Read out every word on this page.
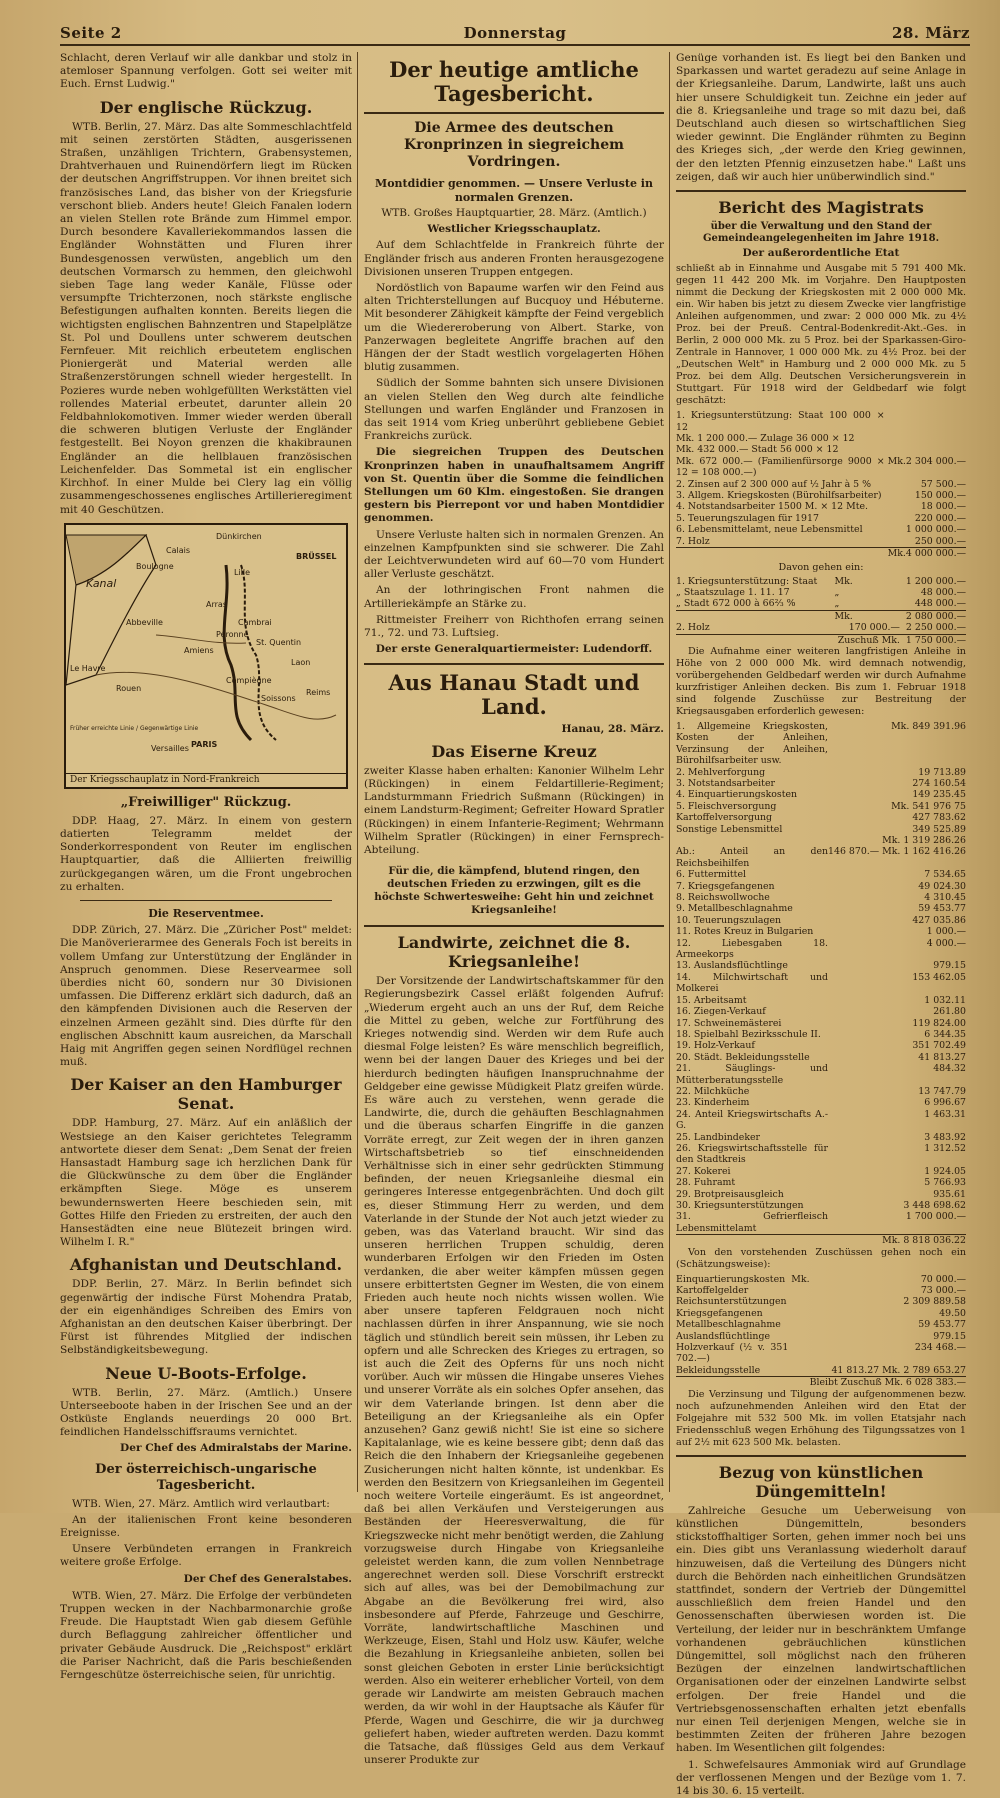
Seite 2	Donnerstag	28. März

Schlacht, deren Verlauf wir alle dankbar und stolz in atemloser Spannung verfolgen. Gott sei weiter mit Euch. Ernst Ludwig."

Der englische Rückzug.

WTB. Berlin, 27. März. Das alte Sommeschlachtfeld mit seinen zerstörten Städten, ausgerissenen Straßen, unzähligen Trichtern, Grabensystemen, Drahtverhauen und Ruinendörfern liegt im Rücken der deutschen Angriffstruppen. Vor ihnen breitet sich französisches Land, das bisher von der Kriegsfurie verschont blieb. Anders heute! Gleich Fanalen lodern an vielen Stellen rote Brände zum Himmel empor. Durch besondere Kavalleriekommandos lassen die Engländer Wohnstätten und Fluren ihrer Bundesgenossen verwüsten, angeblich um den deutschen Vormarsch zu hemmen, den gleichwohl sieben Tage lang weder Kanäle, Flüsse oder versumpfte Trichterzonen, noch stärkste englische Befestigungen aufhalten konnten. Bereits liegen die wichtigsten englischen Bahnzentren und Stapelplätze St. Pol und Doullens unter schwerem deutschen Fernfeuer. Mit reichlich erbeutetem englischen Pioniergerät und Material werden alle Straßenzerstörungen schnell wieder hergestellt. In Pozieres wurde neben wohlgefüllten Werkstätten viel rollendes Material erbeutet, darunter allein 20 Feldbahnlokomotiven. Immer wieder werden überall die schweren blutigen Verluste der Engländer festgestellt. Bei Noyon grenzen die khakibraunen Engländer an die hellblauen französischen Leichenfelder. Das Sommetal ist ein englischer Kirchhof. In einer Mulde bei Clery lag ein völlig zusammengeschossenes englisches Artillerieregiment mit 40 Geschützen.

Dünkirchen
Calais
Boulogne
BRÜSSEL
Lille
Arras
Cambrai
Péronne
Amiens
St. Quentin
Abbeville
Le Havre
Rouen
Laon
Compiègne
Reims
Soissons
PARIS
Versailles
Kanal
Früher erreichte Linie / Gegenwärtige Linie
Der Kriegsschauplatz in Nord-Frankreich
„Freiwilliger" Rückzug.

DDP. Haag, 27. März. In einem von gestern datierten Telegramm meldet der Sonderkorrespondent von Reuter im englischen Hauptquartier, daß die Alliierten freiwillig zurückgegangen wären, um die Front ungebrochen zu erhalten.

Die Reserventmee.

DDP. Zürich, 27. März. Die „Züricher Post" meldet: Die Manöverierarmee des Generals Foch ist bereits in vollem Umfang zur Unterstützung der Engländer in Anspruch genommen. Diese Reservearmee soll überdies nicht 60, sondern nur 30 Divisionen umfassen. Die Differenz erklärt sich dadurch, daß an den kämpfenden Divisionen auch die Reserven der einzelnen Armeen gezählt sind. Dies dürfte für den englischen Abschnitt kaum ausreichen, da Marschall Haig mit Angriffen gegen seinen Nordflügel rechnen muß.

Der Kaiser an den Hamburger Senat.

DDP. Hamburg, 27. März. Auf ein anläßlich der Westsiege an den Kaiser gerichtetes Telegramm antwortete dieser dem Senat: „Dem Senat der freien Hansastadt Hamburg sage ich herzlichen Dank für die Glückwünsche zu dem über die Engländer erkämpften Siege. Möge es unserem bewundernswerten Heere beschieden sein, mit Gottes Hilfe den Frieden zu erstreiten, der auch den Hansestädten eine neue Blütezeit bringen wird. Wilhelm I. R."

Afghanistan und Deutschland.

DDP. Berlin, 27. März. In Berlin befindet sich gegenwärtig der indische Fürst Mohendra Pratab, der ein eigenhändiges Schreiben des Emirs von Afghanistan an den deutschen Kaiser überbringt. Der Fürst ist führendes Mitglied der indischen Selbständigkeitsbewegung.

Neue U-Boots-Erfolge.

WTB. Berlin, 27. März. (Amtlich.) Unsere Unterseeboote haben in der Irischen See und an der Ostküste Englands neuerdings 20 000 Brt. feindlichen Handelsschiffsraums vernichtet.

Der Chef des Admiralstabs der Marine.
Der österreichisch-ungarische Tagesbericht.

WTB. Wien, 27. März. Amtlich wird verlautbart:

An der italienischen Front keine besonderen Ereignisse.

Unsere Verbündeten errangen in Frankreich weitere große Erfolge.

Der Chef des Generalstabes.

WTB. Wien, 27. März. Die Erfolge der verbündeten Truppen wecken in der Nachbarmonarchie große Freude. Die Hauptstadt Wien gab diesem Gefühle durch Beflaggung zahlreicher öffentlicher und privater Gebäude Ausdruck. Die „Reichspost" erklärt die Pariser Nachricht, daß die Paris beschießenden Ferngeschütze österreichische seien, für unrichtig.

Der heutige amtliche Tagesbericht.
Die Armee des deutschen Kronprinzen in siegreichem Vordringen.
Montdidier genommen. — Unsere Verluste in normalen Grenzen.

WTB. Großes Hauptquartier, 28. März. (Amtlich.)

Westlicher Kriegsschauplatz.

Auf dem Schlachtfelde in Frankreich führte der Engländer frisch aus anderen Fronten herausgezogene Divisionen unseren Truppen entgegen.

Nordöstlich von Bapaume warfen wir den Feind aus alten Trichterstellungen auf Bucquoy und Hébuterne. Mit besonderer Zähigkeit kämpfte der Feind vergeblich um die Wiedereroberung von Albert. Starke, von Panzerwagen begleitete Angriffe brachen auf den Hängen der der Stadt westlich vorgelagerten Höhen blutig zusammen.

Südlich der Somme bahnten sich unsere Divisionen an vielen Stellen den Weg durch alte feindliche Stellungen und warfen Engländer und Franzosen in das seit 1914 vom Krieg unberührt gebliebene Gebiet Frankreichs zurück.

Die siegreichen Truppen des Deutschen Kronprinzen haben in unaufhaltsamem Angriff von St. Quentin über die Somme die feindlichen Stellungen um 60 Klm. eingestoßen. Sie drangen gestern bis Pierrepont vor und haben Montdidier genommen.

Unsere Verluste halten sich in normalen Grenzen. An einzelnen Kampfpunkten sind sie schwerer. Die Zahl der Leichtverwundeten wird auf 60—70 vom Hundert aller Verluste geschätzt.

An der lothringischen Front nahmen die Artilleriekämpfe an Stärke zu.

Rittmeister Freiherr von Richthofen errang seinen 71., 72. und 73. Luftsieg.

Der erste Generalquartiermeister: Ludendorff.
Aus Hanau Stadt und Land.
Hanau, 28. März.
Das Eiserne Kreuz

zweiter Klasse haben erhalten: Kanonier Wilhelm Lehr (Rückingen) in einem Feldartillerie-Regiment; Landsturmmann Friedrich Sußmann (Rückingen) in einem Landsturm-Regiment; Gefreiter Howard Spratler (Rückingen) in einem Infanterie-Regiment; Wehrmann Wilhelm Spratler (Rückingen) in einer Fernsprech-Abteilung.

Für die, die kämpfend, blutend ringen, den deutschen Frieden zu erzwingen, gilt es die höchste Schwertesweihe: Geht hin und zeichnet Kriegsanleihe!
Landwirte, zeichnet die 8. Kriegsanleihe!

Der Vorsitzende der Landwirtschaftskammer für den Regierungsbezirk Cassel erläßt folgenden Aufruf: „Wiederum ergeht auch an uns der Ruf, dem Reiche die Mittel zu geben, welche zur Fortführung des Krieges notwendig sind. Werden wir dem Rufe auch diesmal Folge leisten? Es wäre menschlich begreiflich, wenn bei der langen Dauer des Krieges und bei der hierdurch bedingten häufigen Inanspruchnahme der Geldgeber eine gewisse Müdigkeit Platz greifen würde. Es wäre auch zu verstehen, wenn gerade die Landwirte, die, durch die gehäuften Beschlagnahmen und die überaus scharfen Eingriffe in die ganzen Vorräte erregt, zur Zeit wegen der in ihren ganzen Wirtschaftsbetrieb so tief einschneidenden Verhältnisse sich in einer sehr gedrückten Stimmung befinden, der neuen Kriegsanleihe diesmal ein geringeres Interesse entgegenbrächten. Und doch gilt es, dieser Stimmung Herr zu werden, und dem Vaterlande in der Stunde der Not auch jetzt wieder zu geben, was das Vaterland braucht. Wir sind das unseren herrlichen Truppen schuldig, deren wunderbaren Erfolgen wir den Frieden im Osten verdanken, die aber weiter kämpfen müssen gegen unsere erbittertsten Gegner im Westen, die von einem Frieden auch heute noch nichts wissen wollen. Wie aber unsere tapferen Feldgrauen noch nicht nachlassen dürfen in ihrer Anspannung, wie sie noch täglich und stündlich bereit sein müssen, ihr Leben zu opfern und alle Schrecken des Krieges zu ertragen, so ist auch die Zeit des Opferns für uns noch nicht vorüber. Auch wir müssen die Hingabe unseres Viehes und unserer Vorräte als ein solches Opfer ansehen, das wir dem Vaterlande bringen. Ist denn aber die Beteiligung an der Kriegsanleihe als ein Opfer anzusehen? Ganz gewiß nicht! Sie ist eine so sichere Kapitalanlage, wie es keine bessere gibt; denn daß das Reich die den Inhabern der Kriegsanleihe gegebenen Zusicherungen nicht halten könnte, ist undenkbar. Es werden den Besitzern von Kriegsanleihen im Gegenteil noch weitere Vorteile eingeräumt. Es ist angeordnet, daß bei allen Verkäufen und Versteigerungen aus Beständen der Heeresverwaltung, die für Kriegszwecke nicht mehr benötigt werden, die Zahlung vorzugsweise durch Hingabe von Kriegsanleihe geleistet werden kann, die zum vollen Nennbetrage angerechnet werden soll. Diese Vorschrift erstreckt sich auf alles, was bei der Demobilmachung zur Abgabe an die Bevölkerung frei wird, also insbesondere auf Pferde, Fahrzeuge und Geschirre, Vorräte, landwirtschaftliche Maschinen und Werkzeuge, Eisen, Stahl und Holz usw. Käufer, welche die Bezahlung in Kriegsanleihe anbieten, sollen bei sonst gleichen Geboten in erster Linie berücksichtigt werden. Also ein weiterer erheblicher Vorteil, von dem gerade wir Landwirte am meisten Gebrauch machen werden, da wir wohl in der Hauptsache als Käufer für Pferde, Wagen und Geschirre, die wir ja durchweg geliefert haben, wieder auftreten werden. Dazu kommt die Tatsache, daß flüssiges Geld aus dem Verkauf unserer Produkte zur

Genüge vorhanden ist. Es liegt bei den Banken und Sparkassen und wartet geradezu auf seine Anlage in der Kriegsanleihe. Darum, Landwirte, laßt uns auch hier unsere Schuldigkeit tun. Zeichne ein jeder auf die 8. Kriegsanleihe und trage so mit dazu bei, daß Deutschland auch diesen so wirtschaftlichen Sieg wieder gewinnt. Die Engländer rühmten zu Beginn des Krieges sich, „der werde den Krieg gewinnen, der den letzten Pfennig einzusetzen habe." Laßt uns zeigen, daß wir auch hier unüberwindlich sind."

Bericht des Magistrats
über die Verwaltung und den Stand der Gemeindeangelegenheiten im Jahre 1918.

Der außerordentliche Etat

schließt ab in Einnahme und Ausgabe mit 5 791 400 Mk. gegen 11 442 200 Mk. im Vorjahre. Den Hauptposten nimmt die Deckung der Kriegskosten mit 2 000 000 Mk. ein. Wir haben bis jetzt zu diesem Zwecke vier langfristige Anleihen aufgenommen, und zwar: 2 000 000 Mk. zu 4½ Proz. bei der Preuß. Central-Bodenkredit-Akt.-Ges. in Berlin, 2 000 000 Mk. zu 5 Proz. bei der Sparkassen-Giro-Zentrale in Hannover, 1 000 000 Mk. zu 4½ Proz. bei der „Deutschen Welt" in Hamburg und 2 000 000 Mk. zu 5 Proz. bei dem Allg. Deutschen Versicherungsverein in Stuttgart. Für 1918 wird der Geldbedarf wie folgt geschätzt:

1. Kriegsunterstützung: Staat 100 000 × 12		
Mk. 1 200 000.— Zulage 36 000 × 12		
Mk. 432 000.— Stadt 56 000 × 12		
Mk. 672 000.— (Familienfürsorge 9000 × 12 = 108 000.—)	Mk.	2 304 000.—
2. Zinsen auf 2 300 000 auf ½ Jahr à 5 %		57 500.—
3. Allgem. Kriegskosten (Bürohilfsarbeiter)		150 000.—
4. Notstandsarbeiter 1500 M. × 12 Mte.		18 000.—
5. Teuerungszulagen für 1917		220 000.—
6. Lebensmittelamt, neue Lebensmittel		1 000 000.—
7. Holz		250 000.—
	Mk.	4 000 000.—

Davon gehen ein:

1. Kriegsunterstützung: Staat	Mk.	1 200 000.—
„ Staatszulage 1. 11. 17	„	48 000.—
„ Stadt 672 000 à 66⅔ %	„	448 000.—
	Mk.	2 080 000.—
2. Holz	170 000.—	2 250 000.—
	Zuschuß Mk.	1 750 000.—

Die Aufnahme einer weiteren langfristigen Anleihe in Höhe von 2 000 000 Mk. wird demnach notwendig, vorübergehenden Geldbedarf werden wir durch Aufnahme kurzfristiger Anleihen decken. Bis zum 1. Februar 1918 sind folgende Zuschüsse zur Bestreitung der Kriegsausgaben erforderlich gewesen:

1. Allgemeine Kriegskosten, Kosten der Anleihen, Verzinsung der Anleihen, Bürohilfsarbeiter usw.	Mk. 849 391.96
2. Mehlverforgung	19 713.89
3. Notstandsarbeiter	274 160.54
4. Einquartierungskosten	149 235.45
5. Fleischversorgung	Mk. 541 976 75
Kartoffelversorgung	427 783.62
Sonstige Lebensmittel	349 525.89
	Mk. 1 319 286.26
Ab.: Anteil an den Reichsbeihilfen	146 870.— Mk. 1 162 416.26
6. Futtermittel	7 534.65
7. Kriegsgefangenen	49 024.30
8. Reichswollwoche	4 310.45
9. Metallbeschlagnahme	59 453.77
10. Teuerungszulagen	427 035.86
11. Rotes Kreuz in Bulgarien	1 000.—
12. Liebesgaben 18. Armeekorps	4 000.—
13. Auslandsflüchtlinge	979.15
14. Milchwirtschaft und Molkerei	153 462.05
15. Arbeitsamt	1 032.11
16. Ziegen-Verkauf	261.80
17. Schweinemästerei	119 824.00
18. Spielbahl Bezirksschule II.	6 344.35
19. Holz-Verkauf	351 702.49
20. Städt. Bekleidungsstelle	41 813.27
21. Säuglings- und Mütterberatungsstelle	484.32
22. Milchküche	13 747.79
23. Kinderheim	6 996.67
24. Anteil Kriegswirtschafts A.-G.	1 463.31
25. Landbindeker	3 483.92
26. Kriegswirtschaftsstelle für den Stadtkreis	1 312.52
27. Kokerei	1 924.05
28. Fuhramt	5 766.93
29. Brotpreisausgleich	935.61
30. Kriegsunterstützungen	3 448 698.62
31. Gefrierfleisch Lebensmittelamt	1 700 000.—
	Mk. 8 818 036.22

Von den vorstehenden Zuschüssen gehen noch ein (Schätzungsweise):

Einquartierungskosten	Mk.	70 000.—
Kartoffelgelder		73 000.—
Reichsunterstützungen		2 309 889.58
Kriegsgefangenen		49.50
Metallbeschlagnahme		59 453.77
Auslandsflüchtlinge		979.15
Holzverkauf (½ v. 351 702.—)		234 468.—
Bekleidungsstelle		41 813.27 Mk. 2 789 653.27
		Bleibt Zuschuß Mk. 6 028 383.—

Die Verzinsung und Tilgung der aufgenommenen bezw. noch aufzunehmenden Anleihen wird den Etat der Folgejahre mit 532 500 Mk. im vollen Etatsjahr nach Friedensschluß wegen Erhöhung des Tilgungssatzes von 1 auf 2½ mit 623 500 Mk. belasten.

Bezug von künstlichen Düngemitteln!

Zahlreiche Gesuche um Ueberweisung von künstlichen Düngemitteln, besonders stickstoffhaltiger Sorten, gehen immer noch bei uns ein. Dies gibt uns Veranlassung wiederholt darauf hinzuweisen, daß die Verteilung des Düngers nicht durch die Behörden nach einheitlichen Grundsätzen stattfindet, sondern der Vertrieb der Düngemittel ausschließlich dem freien Handel und den Genossenschaften überwiesen worden ist. Die Verteilung, der leider nur in beschränktem Umfange vorhandenen gebräuchlichen künstlichen Düngemittel, soll möglichst nach den früheren Bezügen der einzelnen landwirtschaftlichen Organisationen oder der einzelnen Landwirte selbst erfolgen. Der freie Handel und die Vertriebsgenossenschaften erhalten jetzt ebenfalls nur einen Teil derjenigen Mengen, welche sie in bestimmten Zeiten der früheren Jahre bezogen haben. Im Wesentlichen gilt folgendes:

1. Schwefelsaures Ammoniak wird auf Grundlage der verflossenen Mengen und der Bezüge vom 1. 7. 14 bis 30. 6. 15 verteilt.
